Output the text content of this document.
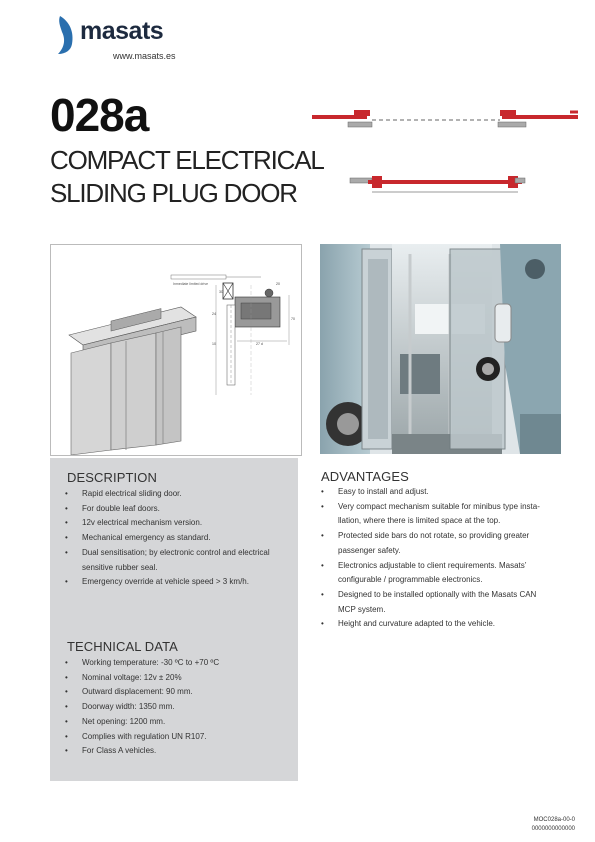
masats
www.masats.es
028a
COMPACT ELECTRICAL
SLIDING PLUG DOOR
Inmediate limited drive
24
30
20
70
27 d
10
DESCRIPTION
• Rapid electrical sliding door.
• For double leaf doors.
• 12v electrical mechanism version.
• Mechanical emergency as standard.
• Dual sensitisation; by electronic control and electrical
sensitive rubber seal.
• Emergency override at vehicle speed > 3 km/h.
TECHNICAL DATA
• Working temperature: -30 ºC to +70 ºC
• Nominal voltage: 12v ± 20%
• Outward displacement: 90 mm.
• Doorway width: 1350 mm.
• Net opening: 1200 mm.
• Complies with regulation UN R107.
• For Class A vehicles.
ADVANTAGES
• Easy to install and adjust.
• Very compact mechanism suitable for minibus type insta-
llation, where there is limited space at the top.
• Protected side bars do not rotate, so providing greater
passenger safety.
• Electronics adjustable to client requirements. Masats’
configurable / programmable electronics.
• Designed to be installed optionally with the Masats CAN
MCP system.
• Height and curvature adapted to the vehicle.
MOC028a-00-0
0000000000000
